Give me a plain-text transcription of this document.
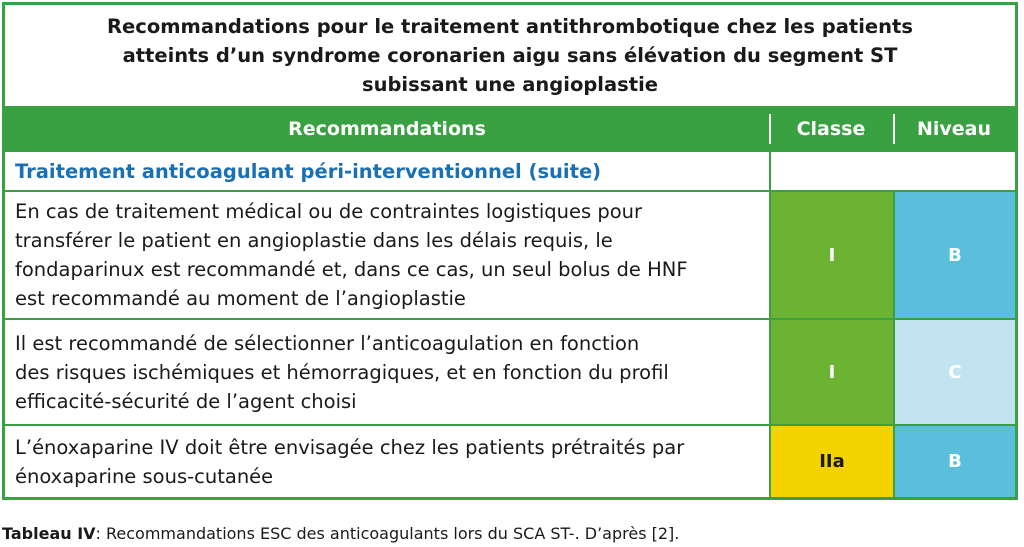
Recommandations pour le traitement antithrombotique chez les patients
atteints d’un syndrome coronarien aigu sans élévation du segment ST
subissant une angioplastie
Recommandations	Classe	Niveau
Traitement anticoagulant péri-interventionnel (suite)
En cas de traitement médical ou de contraintes logistiques pour
transférer le patient en angioplastie dans les délais requis, le
fondaparinux est recommandé et, dans ce cas, un seul bolus de HNF
est recommandé au moment de l’angioplastie
I	B
Il est recommandé de sélectionner l’anticoagulation en fonction
des risques ischémiques et hémorragiques, et en fonction du profil
efficacité-sécurité de l’agent choisi
I	C
L’énoxaparine IV doit être envisagée chez les patients prétraités par
énoxaparine sous-cutanée
IIa	B
Tableau IV: Recommandations ESC des anticoagulants lors du SCA ST-. D’après [2].
